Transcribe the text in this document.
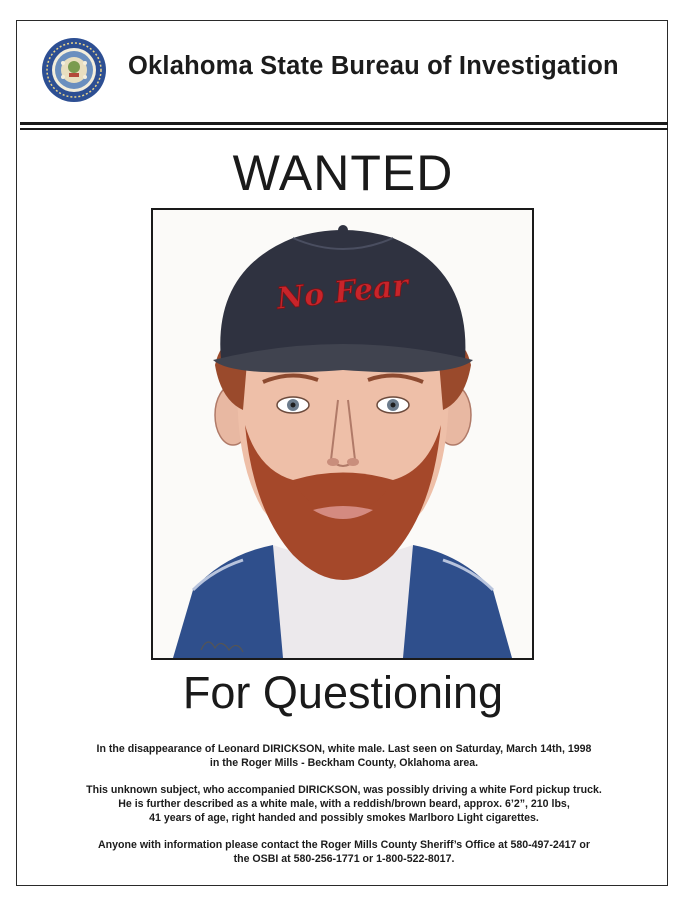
Oklahoma State Bureau of Investigation
WANTED
No Fear
For Questioning
In the disappearance of Leonard DIRICKSON, white male. Last seen on Saturday, March 14th, 1998
in the Roger Mills - Beckham County, Oklahoma area.
This unknown subject, who accompanied DIRICKSON, was possibly driving a white Ford pickup truck.
He is further described as a white male, with a reddish/brown beard, approx. 6’2”, 210 lbs,
41 years of age, right handed and possibly smokes Marlboro Light cigarettes.
Anyone with information please contact the Roger Mills County Sheriff’s Office at 580-497-2417 or
the OSBI at 580-256-1771 or 1-800-522-8017.
